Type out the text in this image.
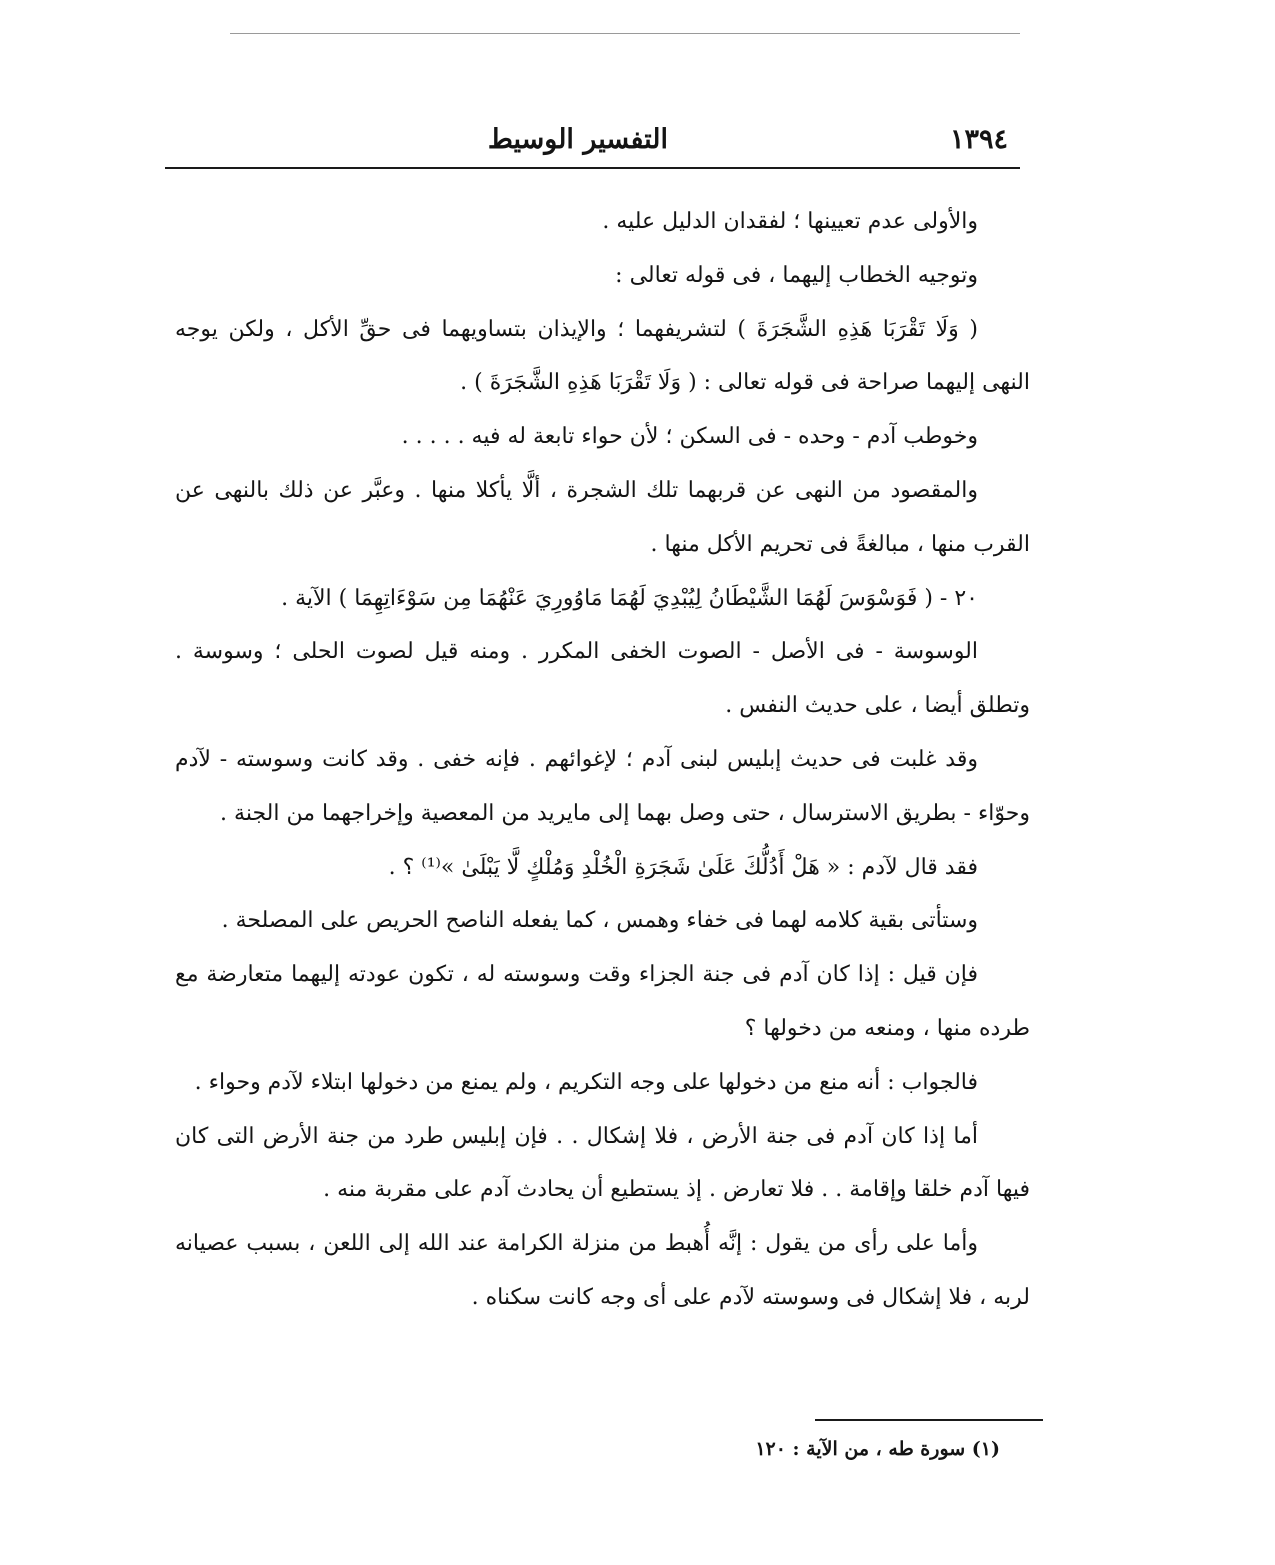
١٣٩٤
التفسير الوسيط

والأولى عدم تعيينها ؛ لفقدان الدليل عليه .

وتوجيه الخطاب إليهما ، فى قوله تعالى :

( وَلَا تَقْرَبَا هَذِهِ الشَّجَرَةَ ) لتشريفهما ؛ والإيذان بتساويهما فى حقِّ الأكل ، ولكن يوجه النهى إليهما صراحة فى قوله تعالى : ( وَلَا تَقْرَبَا هَذِهِ الشَّجَرَةَ ) .

وخوطب آدم - وحده - فى السكن ؛ لأن حواء تابعة له فيه . . . . .

والمقصود من النهى عن قربهما تلك الشجرة ، ألَّا يأكلا منها . وعبَّر عن ذلك بالنهى عن القرب منها ، مبالغةً فى تحريم الأكل منها .

٢٠ - ( فَوَسْوَسَ لَهُمَا الشَّيْطَانُ لِيُبْدِيَ لَهُمَا مَاوُورِيَ عَنْهُمَا مِن سَوْءَاتِهِمَا ) الآية .

الوسوسة - فى الأصل - الصوت الخفى المكرر . ومنه قيل لصوت الحلى ؛ وسوسة . وتطلق أيضا ، على حديث النفس .

وقد غلبت فى حديث إبليس لبنى آدم ؛ لإغوائهم . فإنه خفى . وقد كانت وسوسته - لآدم وحوّاء - بطريق الاسترسال ، حتى وصل بهما إلى مايريد من المعصية وإخراجهما من الجنة .

فقد قال لآدم : « هَلْ أَدُلُّكَ عَلَىٰ شَجَرَةِ الْخُلْدِ وَمُلْكٍ لَّا يَبْلَىٰ »⁽¹⁾ ؟ .

وستأتى بقية كلامه لهما فى خفاء وهمس ، كما يفعله الناصح الحريص على المصلحة .

فإن قيل : إذا كان آدم فى جنة الجزاء وقت وسوسته له ، تكون عودته إليهما متعارضة مع طرده منها ، ومنعه من دخولها ؟

فالجواب : أنه منع من دخولها على وجه التكريم ، ولم يمنع من دخولها ابتلاء لآدم وحواء .

أما إذا كان آدم فى جنة الأرض ، فلا إشكال . . فإن إبليس طرد من جنة الأرض التى كان فيها آدم خلقا وإقامة . . فلا تعارض . إذ يستطيع أن يحادث آدم على مقربة منه .

وأما على رأى من يقول : إنَّه أُهبط من منزلة الكرامة عند الله إلى اللعن ، بسبب عصيانه لربه ، فلا إشكال فى وسوسته لآدم على أى وجه كانت سكناه .

(١) سورة طه ، من الآية : ١٢٠
